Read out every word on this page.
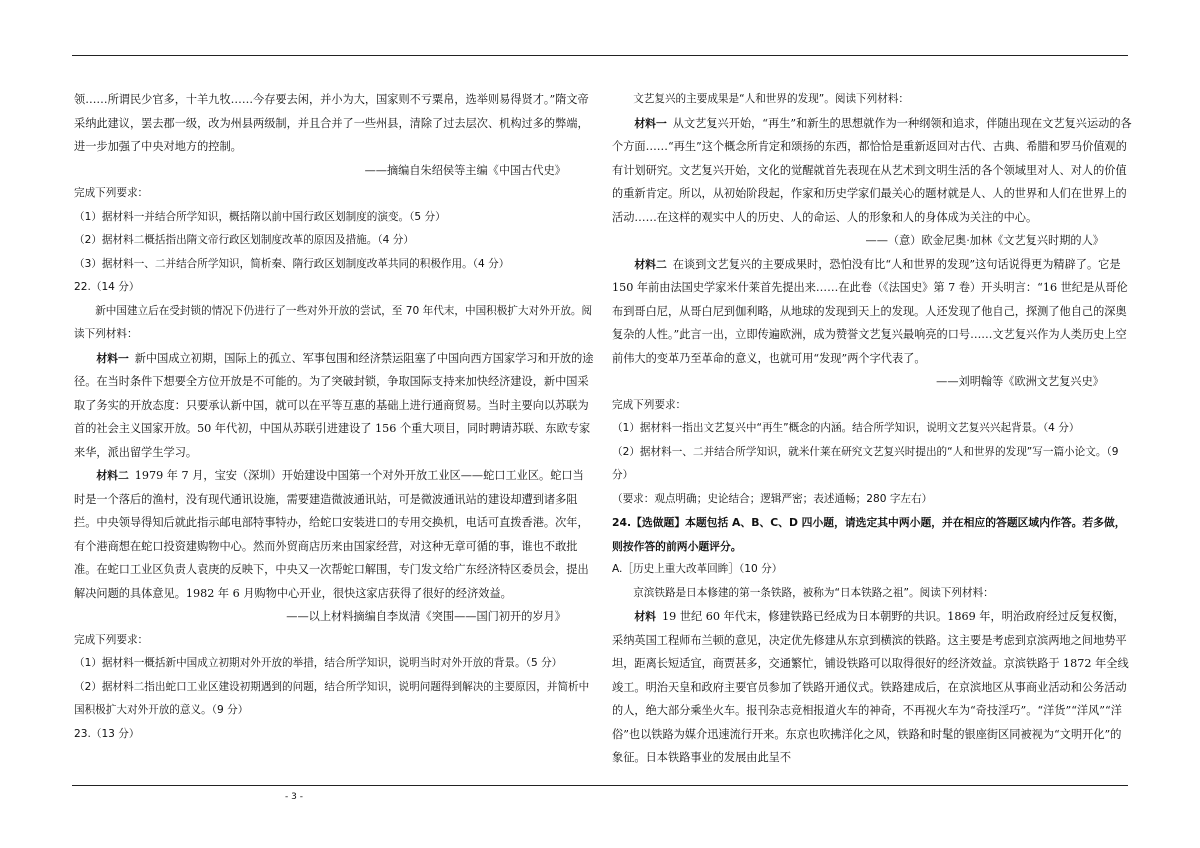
领……所谓民少官多，十羊九牧……今存要去闲，并小为大，国家则不亏粟帛，选举则易得贤才。”隋文帝采纳此建议，罢去郡一级，改为州县两级制，并且合并了一些州县，清除了过去层次、机构过多的弊端，进一步加强了中央对地方的控制。

——摘编自朱绍侯等主编《中国古代史》

完成下列要求：

（1）据材料一并结合所学知识，概括隋以前中国行政区划制度的演变。（5 分）

（2）据材料二概括指出隋文帝行政区划制度改革的原因及措施。（4 分）

（3）据材料一、二并结合所学知识，简析秦、隋行政区划制度改革共同的积极作用。（4 分）

22.（14 分）

新中国建立后在受封锁的情况下仍进行了一些对外开放的尝试，至 70 年代末，中国积极扩大对外开放。阅读下列材料：

材料一 新中国成立初期，国际上的孤立、军事包围和经济禁运阻塞了中国向西方国家学习和开放的途径。在当时条件下想要全方位开放是不可能的。为了突破封锁，争取国际支持来加快经济建设，新中国采取了务实的开放态度：只要承认新中国，就可以在平等互惠的基础上进行通商贸易。当时主要向以苏联为首的社会主义国家开放。50 年代初，中国从苏联引进建设了 156 个重大项目，同时聘请苏联、东欧专家来华，派出留学生学习。

材料二 1979 年 7 月，宝安（深圳）开始建设中国第一个对外开放工业区——蛇口工业区。蛇口当时是一个落后的渔村，没有现代通讯设施，需要建造微波通讯站，可是微波通讯站的建设却遭到诸多阻拦。中央领导得知后就此指示邮电部特事特办，给蛇口安装进口的专用交换机，电话可直拨香港。次年，有个港商想在蛇口投资建购物中心。然而外贸商店历来由国家经营，对这种无章可循的事，谁也不敢批准。在蛇口工业区负责人袁庚的反映下，中央又一次帮蛇口解围，专门发文给广东经济特区委员会，提出解决问题的具体意见。1982 年 6 月购物中心开业，很快这家店获得了很好的经济效益。

——以上材料摘编自李岚清《突围——国门初开的岁月》

完成下列要求：

（1）据材料一概括新中国成立初期对外开放的举措，结合所学知识，说明当时对外开放的背景。（5 分）

（2）据材料二指出蛇口工业区建设初期遇到的问题，结合所学知识，说明问题得到解决的主要原因，并简析中国积极扩大对外开放的意义。（9 分）

23.（13 分）

文艺复兴的主要成果是“人和世界的发现”。阅读下列材料：

材料一 从文艺复兴开始，“再生”和新生的思想就作为一种纲领和追求，伴随出现在文艺复兴运动的各个方面……“再生”这个概念所肯定和颂扬的东西，都恰恰是重新返回对古代、古典、希腊和罗马价值观的有计划研究。文艺复兴开始，文化的觉醒就首先表现在从艺术到文明生活的各个领域里对人、对人的价值的重新肯定。所以，从初始阶段起，作家和历史学家们最关心的题材就是人、人的世界和人们在世界上的活动……在这样的观实中人的历史、人的命运、人的形象和人的身体成为关注的中心。

——（意）欧金尼奥·加林《文艺复兴时期的人》

材料二 在谈到文艺复兴的主要成果时，恐怕没有比“人和世界的发现”这句话说得更为精辟了。它是 150 年前由法国史学家米什莱首先提出来……在此卷（《法国史》第 7 卷）开头明言：“16 世纪是从哥伦布到哥白尼，从哥白尼到伽利略，从地球的发现到天上的发现。人还发现了他自己，探测了他自己的深奥复杂的人性。”此言一出，立即传遍欧洲，成为赞誉文艺复兴最响亮的口号……文艺复兴作为人类历史上空前伟大的变革乃至革命的意义，也就可用“发现”两个字代表了。

——刘明翰等《欧洲文艺复兴史》

完成下列要求：

（1）据材料一指出文艺复兴中“再生”概念的内涵。结合所学知识，说明文艺复兴兴起背景。（4 分）

（2）据材料一、二并结合所学知识，就米什莱在研究文艺复兴时提出的“人和世界的发现”写一篇小论文。（9 分）

（要求：观点明确；史论结合；逻辑严密；表述通畅；280 字左右）

24.【选做题】本题包括 A、B、C、D 四小题，请选定其中两小题，并在相应的答题区域内作答。若多做，则按作答的前两小题评分。

A.［历史上重大改革回眸］（10 分）

京滨铁路是日本修建的第一条铁路，被称为“日本铁路之祖”。阅读下列材料：

材料 19 世纪 60 年代末，修建铁路已经成为日本朝野的共识。1869 年，明治政府经过反复权衡，采纳英国工程师布兰顿的意见，决定优先修建从东京到横滨的铁路。这主要是考虑到京滨两地之间地势平坦，距离长短适宜，商贾甚多，交通繁忙，铺设铁路可以取得很好的经济效益。京滨铁路于 1872 年全线竣工。明治天皇和政府主要官员参加了铁路开通仪式。铁路建成后，在京滨地区从事商业活动和公务活动的人，绝大部分乘坐火车。报刊杂志竞相报道火车的神奇，不再视火车为“奇技淫巧”。“洋货”“洋风”“洋俗”也以铁路为媒介迅速流行开来。东京也吹拂洋化之风，铁路和时髦的银座街区同被视为“文明开化”的象征。日本铁路事业的发展由此呈不

- 3 -
